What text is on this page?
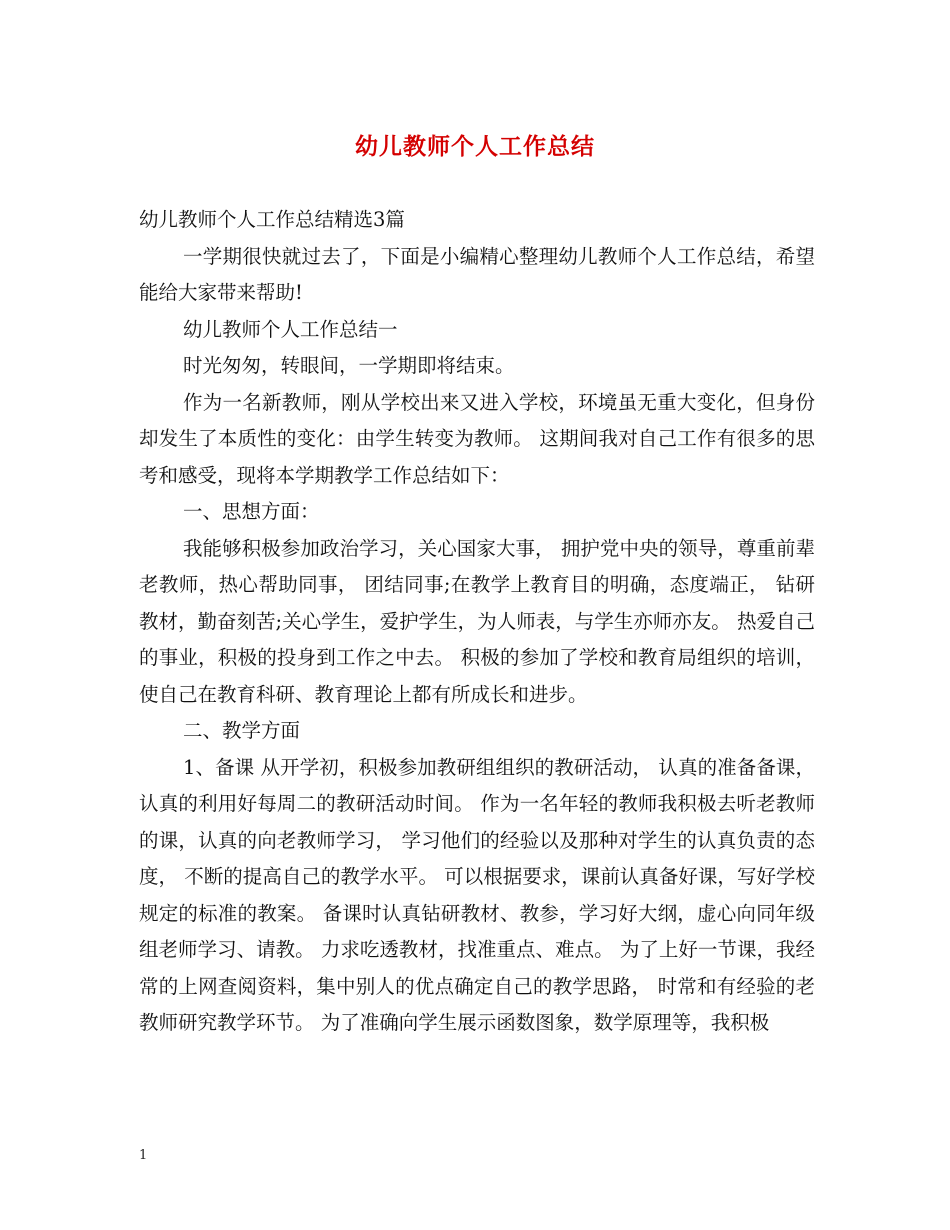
幼儿教师个人工作总结

幼儿教师个人工作总结精选3篇

一学期很快就过去了，下面是小编精心整理幼儿教师个人工作总结，希望能给大家带来帮助!

幼儿教师个人工作总结一

时光匆匆，转眼间，一学期即将结束。

作为一名新教师，刚从学校出来又进入学校，环境虽无重大变化，但身份却发生了本质性的变化：由学生转变为教师。 这期间我对自己工作有很多的思考和感受，现将本学期教学工作总结如下：

一、思想方面：

我能够积极参加政治学习，关心国家大事， 拥护党中央的领导，尊重前辈老教师，热心帮助同事， 团结同事;在教学上教育目的明确，态度端正， 钻研教材，勤奋刻苦;关心学生，爱护学生，为人师表，与学生亦师亦友。 热爱自己的事业，积极的投身到工作之中去。 积极的参加了学校和教育局组织的培训，使自己在教育科研、教育理论上都有所成长和进步。

二、教学方面

1、备课 从开学初，积极参加教研组组织的教研活动， 认真的准备备课，认真的利用好每周二的教研活动时间。 作为一名年轻的教师我积极去听老教师的课，认真的向老教师学习， 学习他们的经验以及那种对学生的认真负责的态度， 不断的提高自己的教学水平。 可以根据要求，课前认真备好课，写好学校规定的标准的教案。 备课时认真钻研教材、教参，学习好大纲，虚心向同年级组老师学习、请教。 力求吃透教材，找准重点、难点。 为了上好一节课，我经常的上网查阅资料，集中别人的优点确定自己的教学思路， 时常和有经验的老教师研究教学环节。 为了准确向学生展示函数图象，数学原理等，我积极

1
